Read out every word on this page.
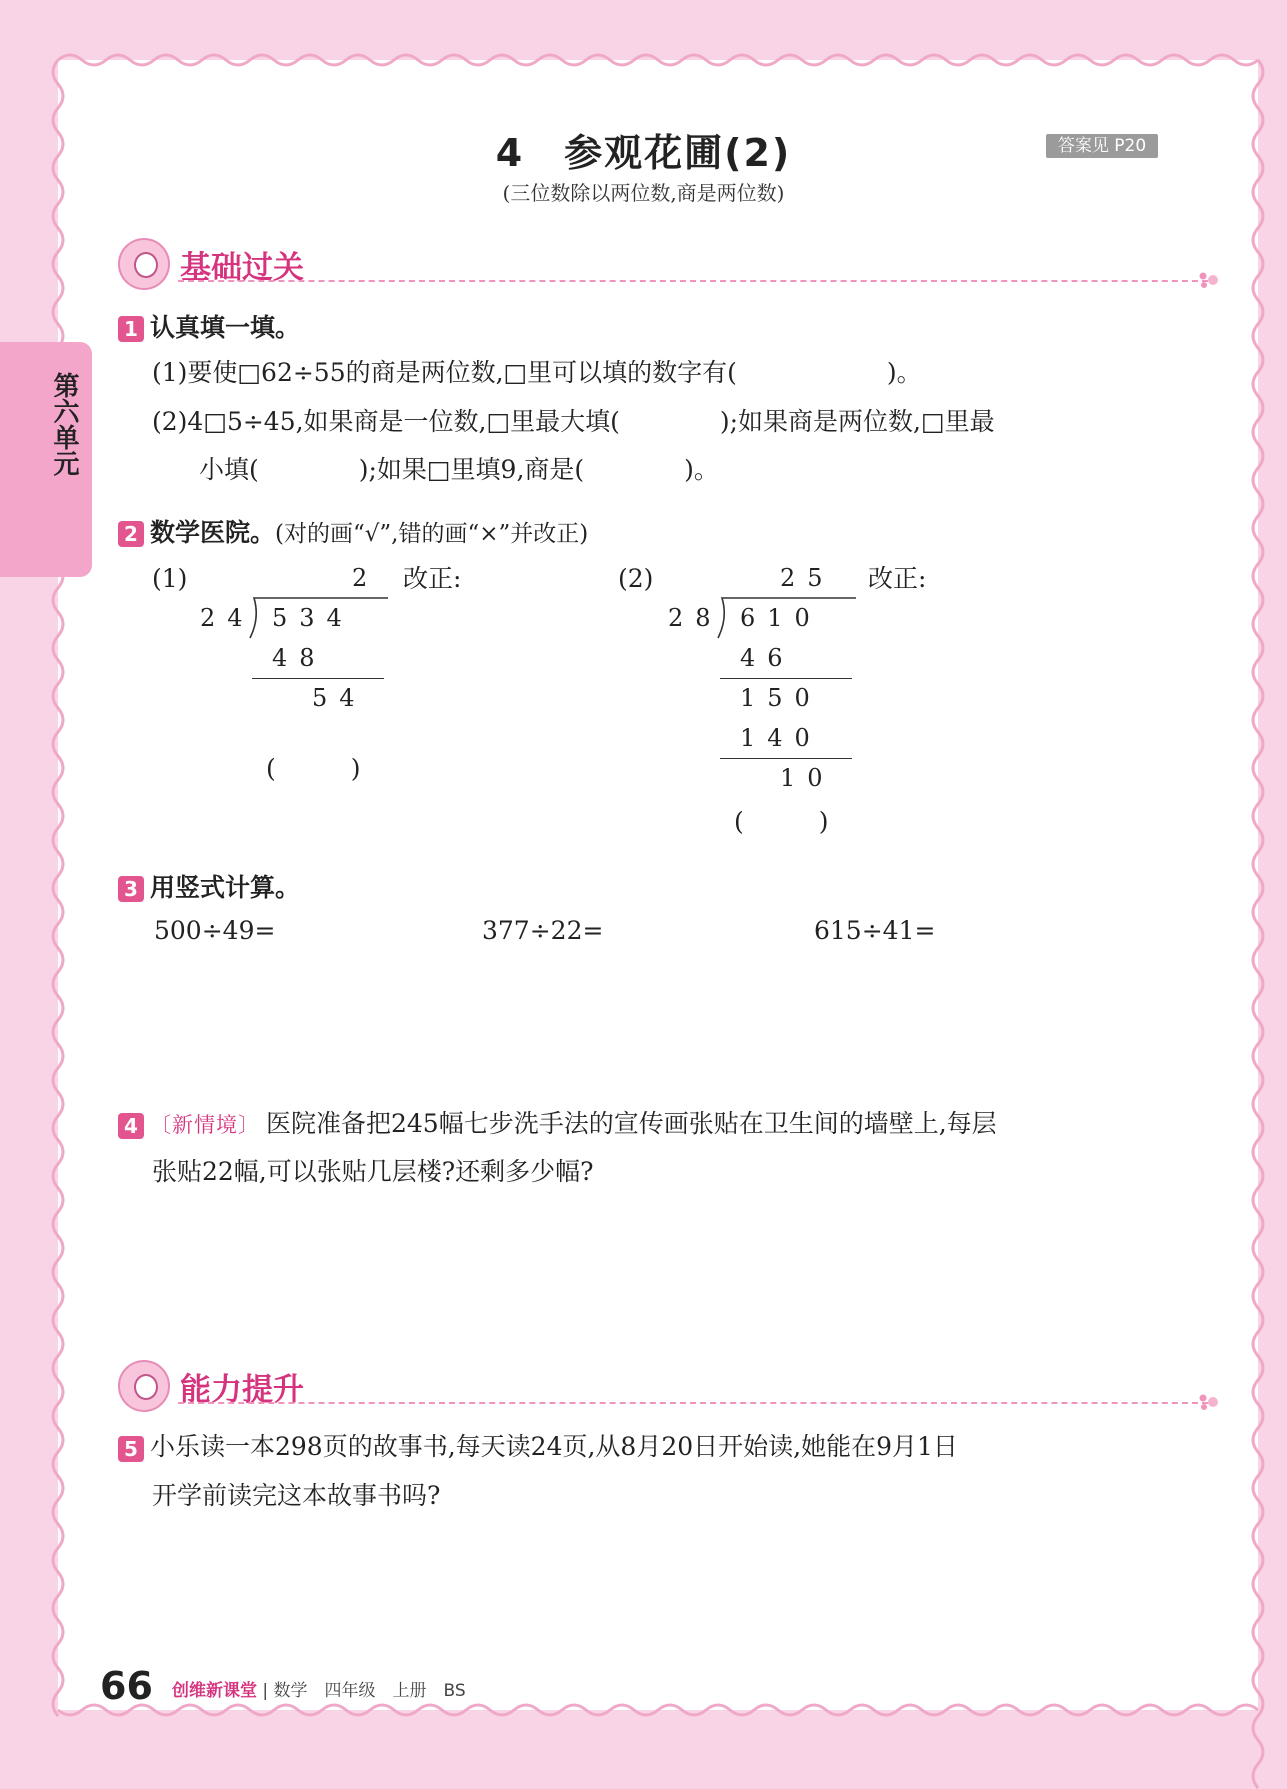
第六单元
4　参观花圃(2)
(三位数除以两位数,商是两位数)
答案见 P20
基础过关
1 认真填一填。
(1)要使□62÷55的商是两位数,□里可以填的数字有(　　　　　　)。
(2)4□5÷45,如果商是一位数,□里最大填(　　　　);如果商是两位数,□里最
小填(　　　　);如果□里填9,商是(　　　　)。
2 数学医院。(对的画“√”,错的画“×”并改正)
(1)	改正:
2
24 534
48
54
(　　　)
(2)	改正:
25
28 610
46
150
140
10
(　　　)
3 用竖式计算。
500÷49=	377÷22=	615÷41=
4 〔新情境〕 医院准备把245幅七步洗手法的宣传画张贴在卫生间的墙壁上,每层
张贴22幅,可以张贴几层楼?还剩多少幅?
能力提升
5 小乐读一本298页的故事书,每天读24页,从8月20日开始读,她能在9月1日
开学前读完这本故事书吗?
66 创维新课堂 | 数学　四年级　上册　BS
